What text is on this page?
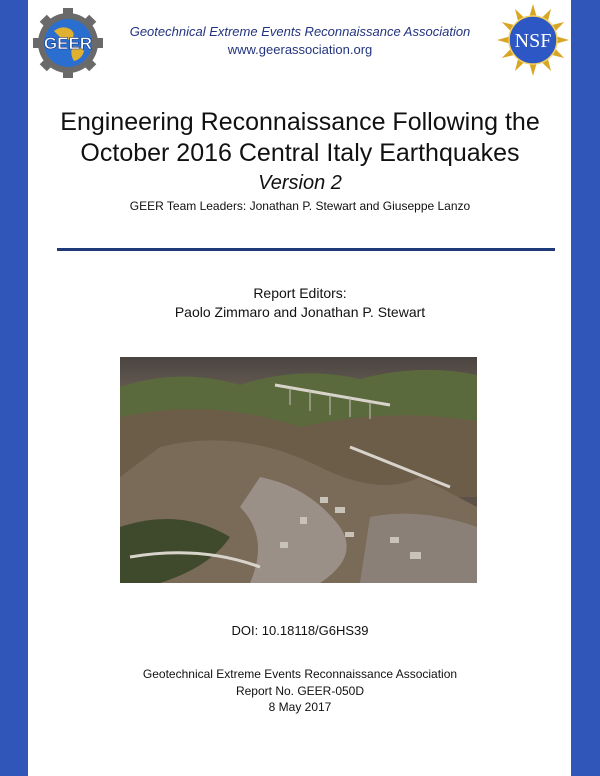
GEER
Geotechnical Extreme Events Reconnaissance Association
www.geerassociation.org	NSF
Engineering Reconnaissance Following the
October 2016 Central Italy Earthquakes
Version 2
GEER Team Leaders: Jonathan P. Stewart and Giuseppe Lanzo
Report Editors:
Paolo Zimmaro and Jonathan P. Stewart
DOI: 10.18118/G6HS39
Geotechnical Extreme Events Reconnaissance Association
Report No. GEER-050D
8 May 2017
